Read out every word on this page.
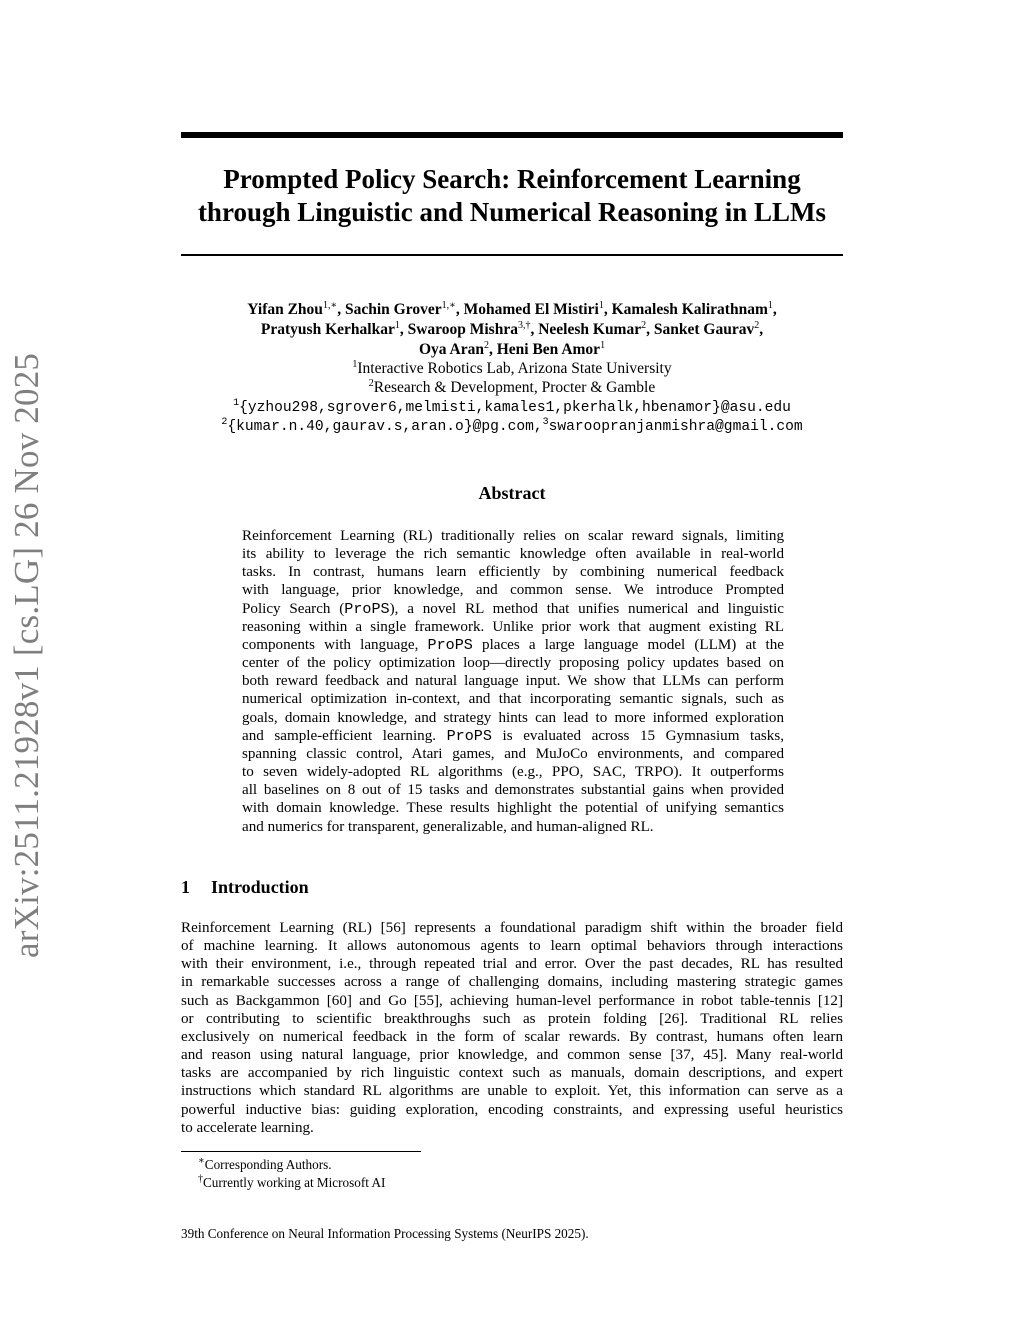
arXiv:2511.21928v1 [cs.LG] 26 Nov 2025
Prompted Policy Search: Reinforcement Learning
through Linguistic and Numerical Reasoning in LLMs
Yifan Zhou$^{1,∗}$, Sachin Grover$^{1,∗}$, Mohamed El Mistiri$^1$, Kamalesh Kalirathnam$^1$,
Pratyush Kerhalkar$^1$, Swaroop Mishra$^{3,\dagger}$, Neelesh Kumar$^2$, Sanket Gaurav$^2$,
Oya Aran$^2$, Heni Ben Amor$^1$
$^1$Interactive Robotics Lab, Arizona State University
$^2$Research & Development, Procter & Gamble
$^1${yzhou298,sgrover6,melmisti,kamales1,pkerhalk,hbenamor}@asu.edu
$^2${kumar.n.40,gaurav.s,aran.o}@pg.com,$^3$swaroopranjanmishra@gmail.com
Abstract
Reinforcement Learning (RL) traditionally relies on scalar reward signals, limiting
its ability to leverage the rich semantic knowledge often available in real-world
tasks. In contrast, humans learn efficiently by combining numerical feedback
with language, prior knowledge, and common sense. We introduce Prompted
Policy Search (ProPS), a novel RL method that unifies numerical and linguistic
reasoning within a single framework. Unlike prior work that augment existing RL
components with language, ProPS places a large language model (LLM) at the
center of the policy optimization loop—directly proposing policy updates based on
both reward feedback and natural language input. We show that LLMs can perform
numerical optimization in-context, and that incorporating semantic signals, such as
goals, domain knowledge, and strategy hints can lead to more informed exploration
and sample-efficient learning. ProPS is evaluated across 15 Gymnasium tasks,
spanning classic control, Atari games, and MuJoCo environments, and compared
to seven widely-adopted RL algorithms (e.g., PPO, SAC, TRPO). It outperforms
all baselines on 8 out of 15 tasks and demonstrates substantial gains when provided
with domain knowledge. These results highlight the potential of unifying semantics
and numerics for transparent, generalizable, and human-aligned RL.
1 Introduction
Reinforcement Learning (RL) [56] represents a foundational paradigm shift within the broader field
of machine learning. It allows autonomous agents to learn optimal behaviors through interactions
with their environment, i.e., through repeated trial and error. Over the past decades, RL has resulted
in remarkable successes across a range of challenging domains, including mastering strategic games
such as Backgammon [60] and Go [55], achieving human-level performance in robot table-tennis [12]
or contributing to scientific breakthroughs such as protein folding [26]. Traditional RL relies
exclusively on numerical feedback in the form of scalar rewards. By contrast, humans often learn
and reason using natural language, prior knowledge, and common sense [37, 45]. Many real-world
tasks are accompanied by rich linguistic context such as manuals, domain descriptions, and expert
instructions which standard RL algorithms are unable to exploit. Yet, this information can serve as a
powerful inductive bias: guiding exploration, encoding constraints, and expressing useful heuristics
to accelerate learning.
∗Corresponding Authors.
†Currently working at Microsoft AI
39th Conference on Neural Information Processing Systems (NeurIPS 2025).
